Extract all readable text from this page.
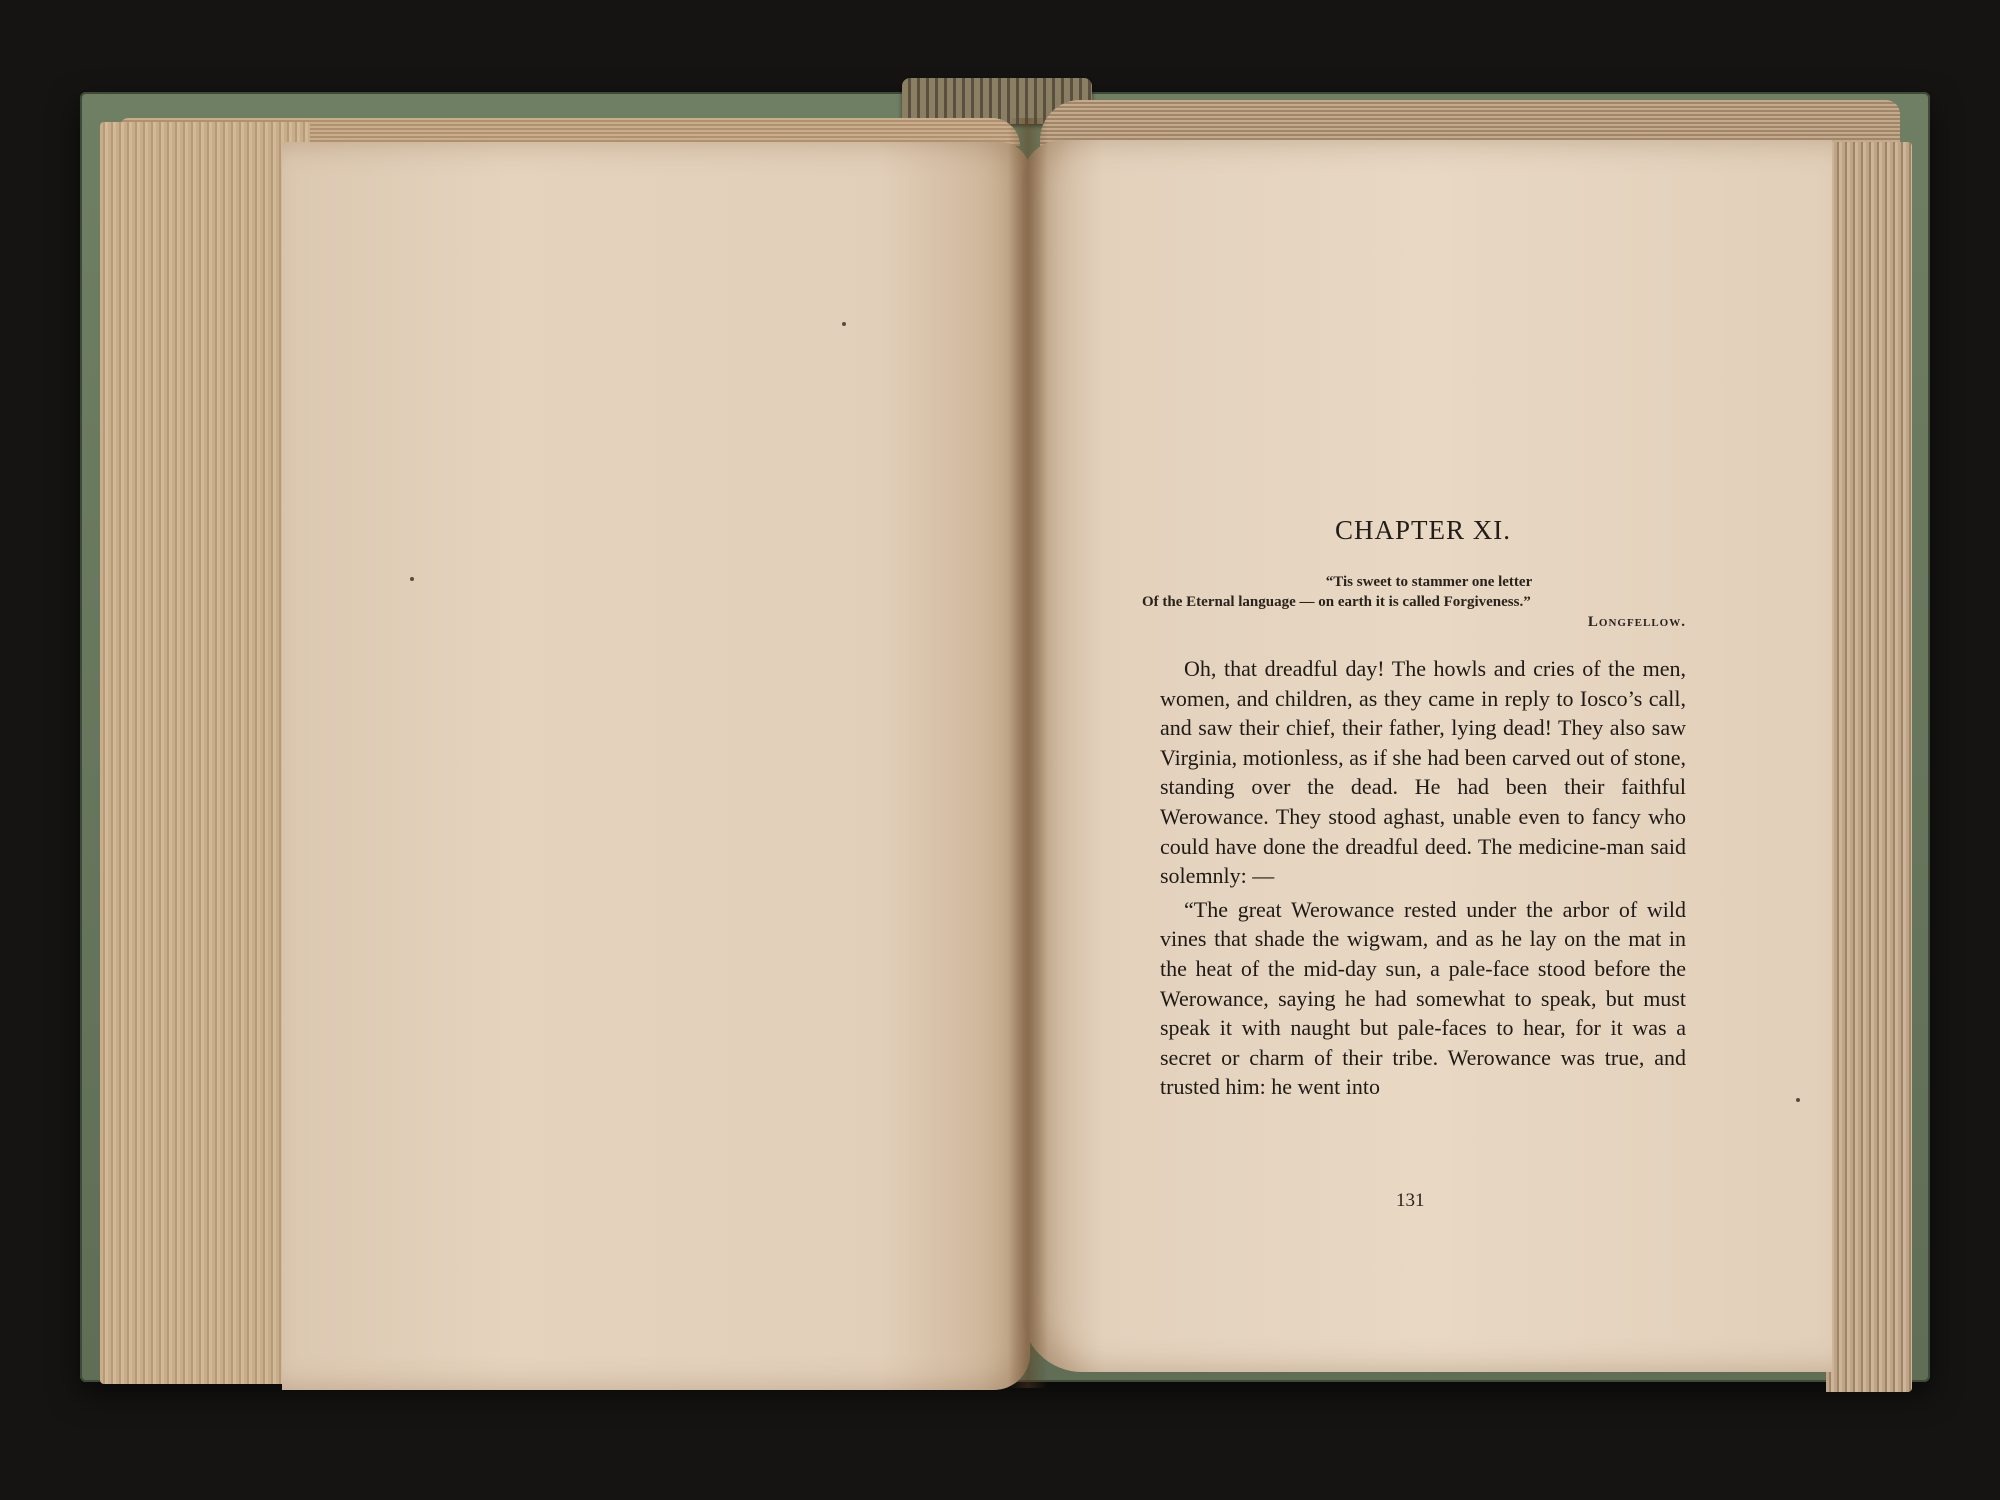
CHAPTER XI.
“Tis sweet to stammer one letter
Of the Eternal language — on earth it is called Forgiveness.”
Longfellow.

Oh, that dreadful day! The howls and cries of the men, women, and children, as they came in reply to Iosco’s call, and saw their chief, their father, lying dead! They also saw Virginia, motionless, as if she had been carved out of stone, standing over the dead. He had been their faithful Werowance. They stood aghast, unable even to fancy who could have done the dreadful deed. The medicine-man said solemnly: —

“The great Werowance rested under the arbor of wild vines that shade the wigwam, and as he lay on the mat in the heat of the mid-day sun, a pale-face stood before the Werowance, saying he had somewhat to speak, but must speak it with naught but pale-faces to hear, for it was a secret or charm of their tribe. Werowance was true, and trusted him: he went into

131
